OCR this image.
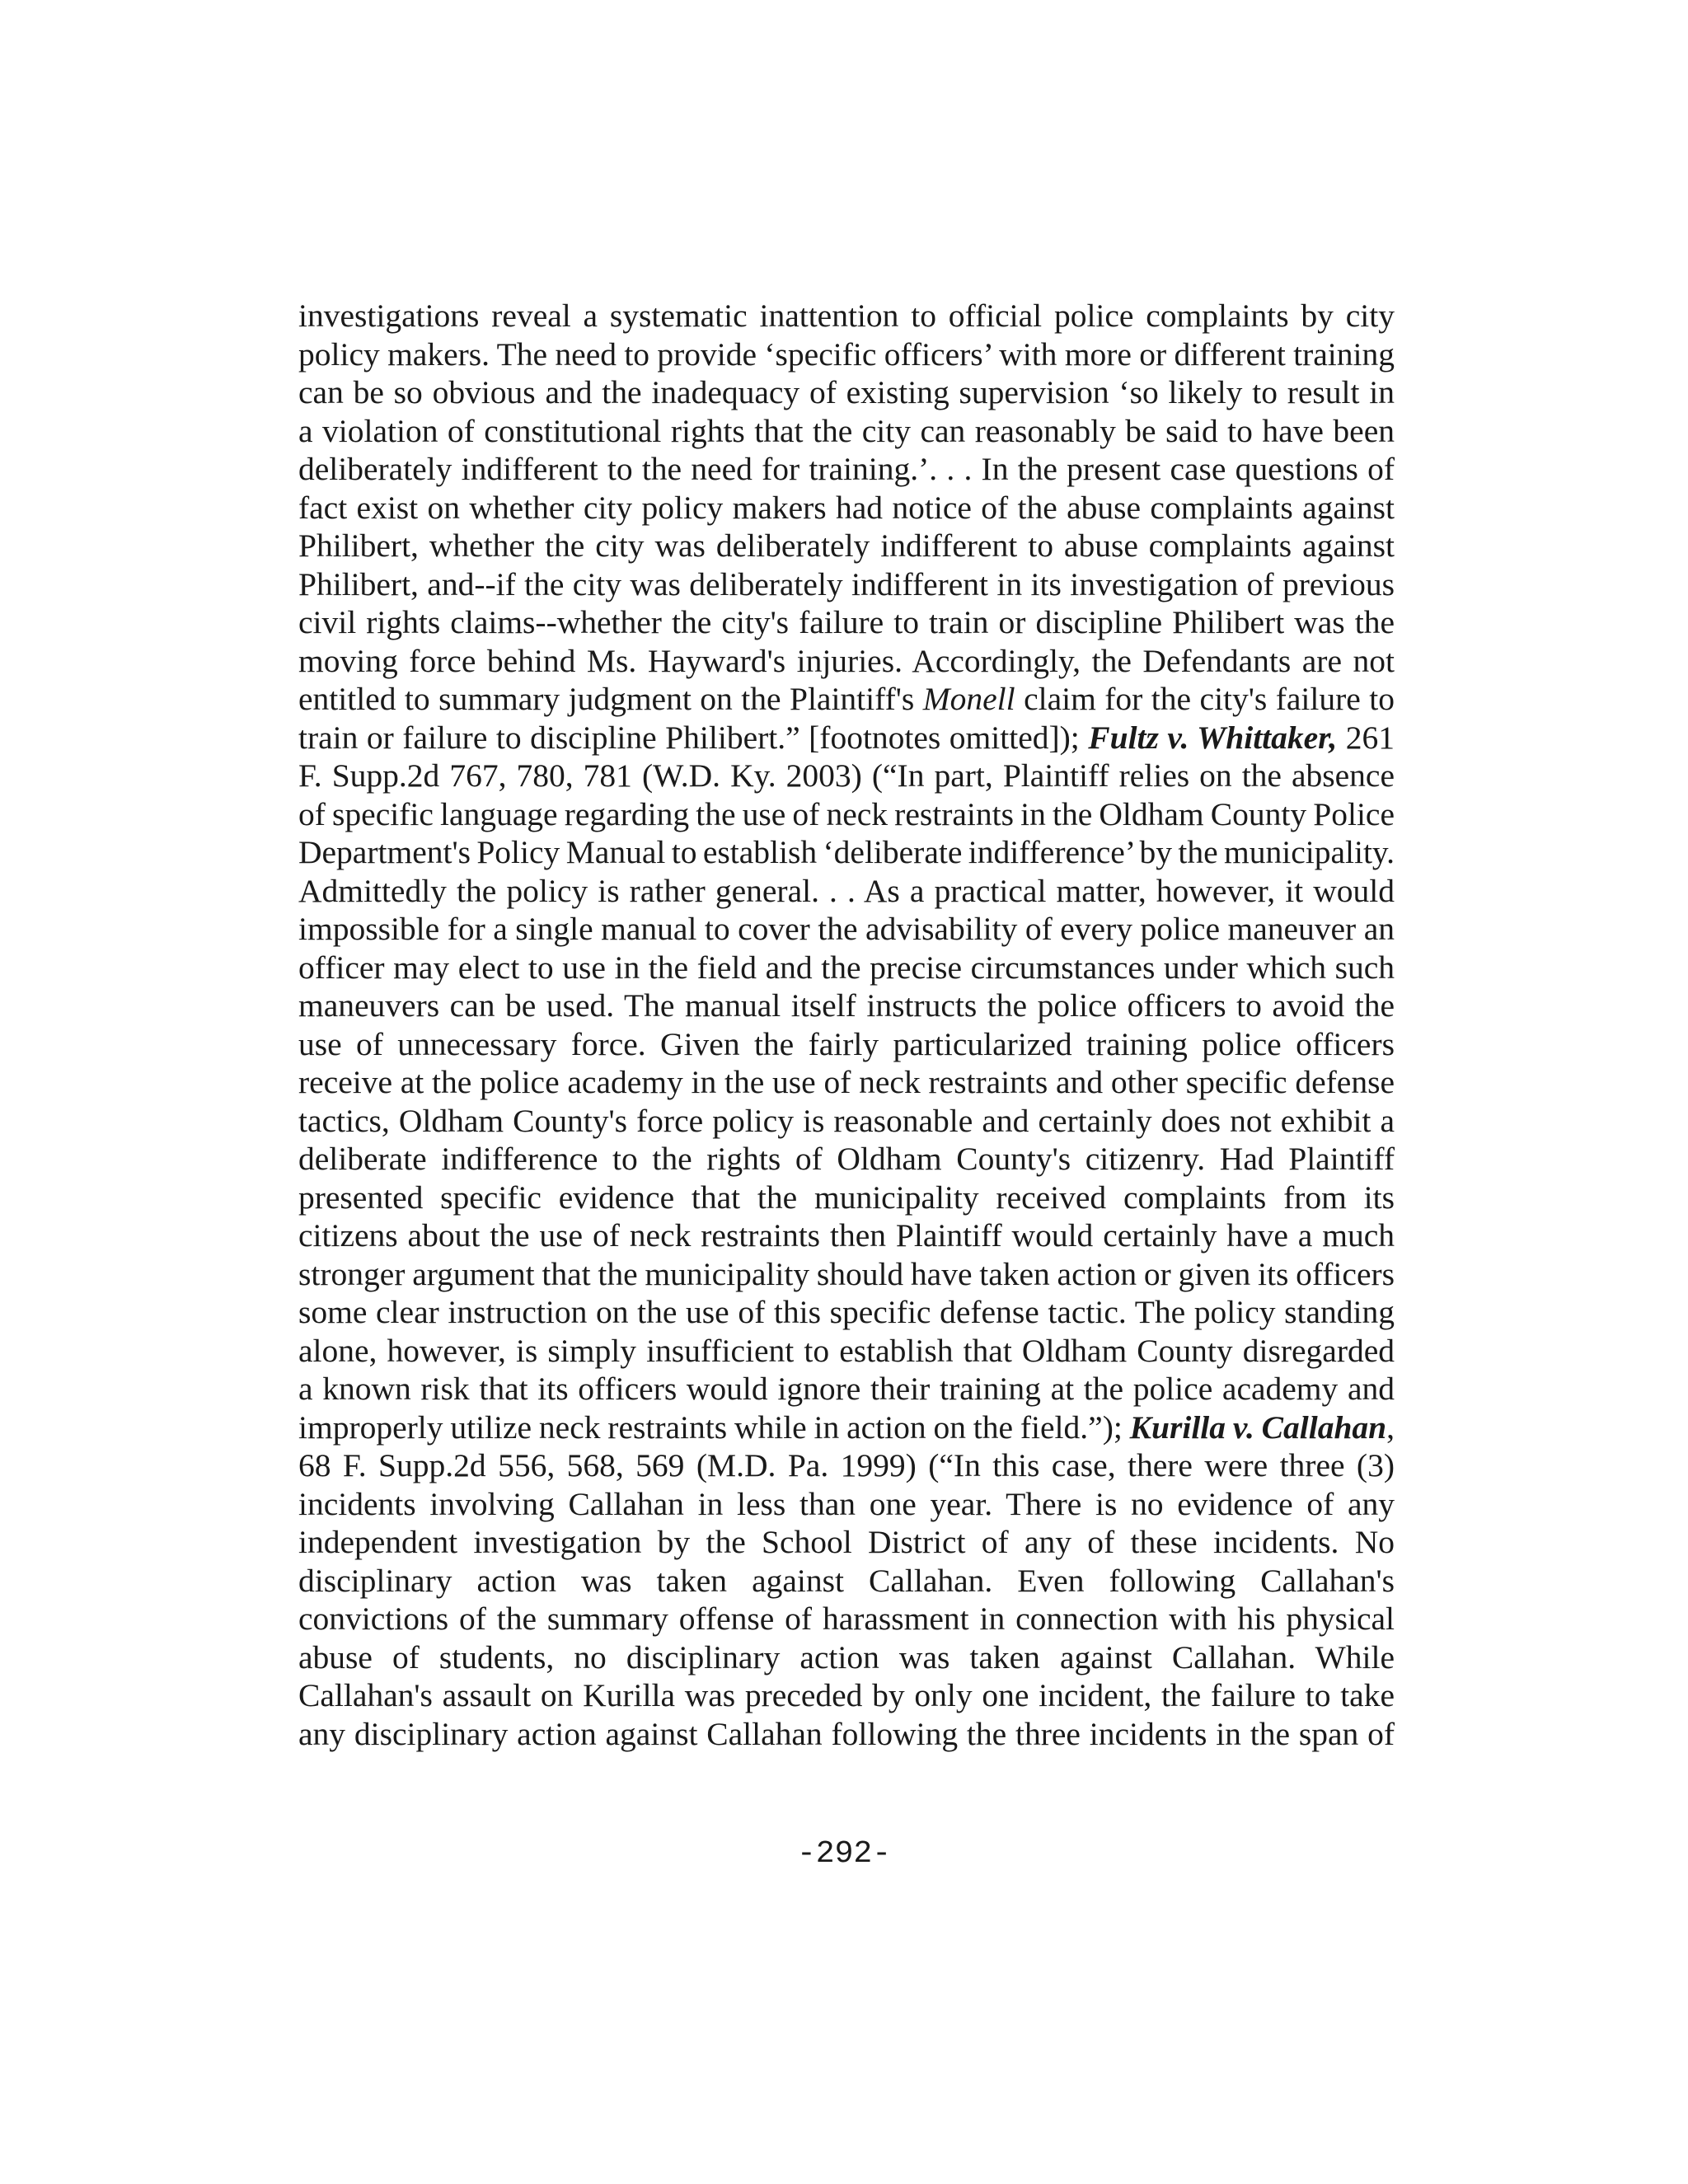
investigations reveal a systematic inattention to official police complaints by city
policy makers. The need to provide ‘specific officers’ with more or different training
can be so obvious and the inadequacy of existing supervision ‘so likely to result in
a violation of constitutional rights that the city can reasonably be said to have been
deliberately indifferent to the need for training.’. . . In the present case questions of
fact exist on whether city policy makers had notice of the abuse complaints against
Philibert, whether the city was deliberately indifferent to abuse complaints against
Philibert, and--if the city was deliberately indifferent in its investigation of previous
civil rights claims--whether the city's failure to train or discipline Philibert was the
moving force behind Ms. Hayward's injuries. Accordingly, the Defendants are not
entitled to summary judgment on the Plaintiff's Monell claim for the city's failure to
train or failure to discipline Philibert.” [footnotes omitted]); Fultz v. Whittaker, 261
F. Supp.2d 767, 780, 781 (W.D. Ky. 2003) (“In part, Plaintiff relies on the absence
of specific language regarding the use of neck restraints in the Oldham County Police
Department's Policy Manual to establish ‘deliberate indifference’ by the municipality.
Admittedly the policy is rather general. . . As a practical matter, however, it would
impossible for a single manual to cover the advisability of every police maneuver an
officer may elect to use in the field and the precise circumstances under which such
maneuvers can be used. The manual itself instructs the police officers to avoid the
use of unnecessary force. Given the fairly particularized training police officers
receive at the police academy in the use of neck restraints and other specific defense
tactics, Oldham County's force policy is reasonable and certainly does not exhibit a
deliberate indifference to the rights of Oldham County's citizenry. Had Plaintiff
presented specific evidence that the municipality received complaints from its
citizens about the use of neck restraints then Plaintiff would certainly have a much
stronger argument that the municipality should have taken action or given its officers
some clear instruction on the use of this specific defense tactic. The policy standing
alone, however, is simply insufficient to establish that Oldham County disregarded
a known risk that its officers would ignore their training at the police academy and
improperly utilize neck restraints while in action on the field.”); Kurilla v. Callahan,
68 F. Supp.2d 556, 568, 569 (M.D. Pa. 1999) (“In this case, there were three (3)
incidents involving Callahan in less than one year. There is no evidence of any
independent investigation by the School District of any of these incidents. No
disciplinary action was taken against Callahan. Even following Callahan's
convictions of the summary offense of harassment in connection with his physical
abuse of students, no disciplinary action was taken against Callahan. While
Callahan's assault on Kurilla was preceded by only one incident, the failure to take
any disciplinary action against Callahan following the three incidents in the span of

-292-
